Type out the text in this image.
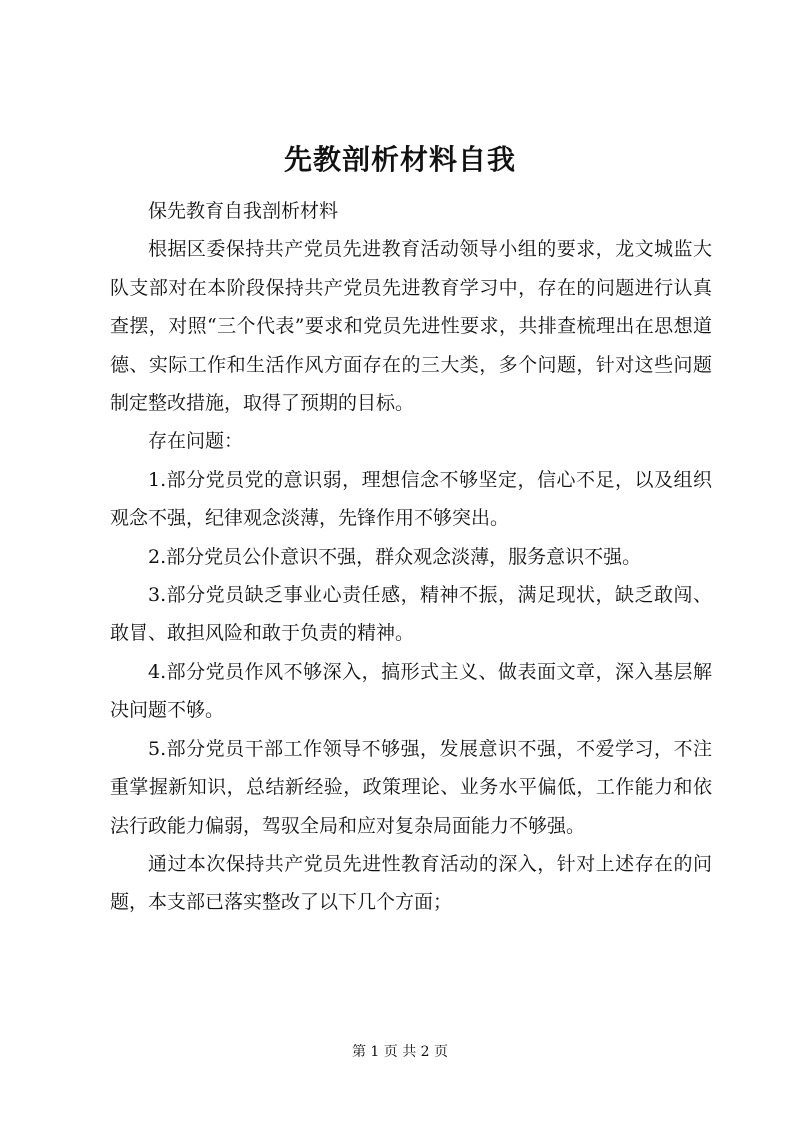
先教剖析材料自我

保先教育自我剖析材料

根据区委保持共产党员先进教育活动领导小组的要求，龙文城监大队支部对在本阶段保持共产党员先进教育学习中，存在的问题进行认真查摆，对照“三个代表”要求和党员先进性要求，共排查梳理出在思想道德、实际工作和生活作风方面存在的三大类，多个问题，针对这些问题制定整改措施，取得了预期的目标。

存在问题：

1.部分党员党的意识弱，理想信念不够坚定，信心不足，以及组织观念不强，纪律观念淡薄，先锋作用不够突出。

2.部分党员公仆意识不强，群众观念淡薄，服务意识不强。

3.部分党员缺乏事业心责任感，精神不振，满足现状，缺乏敢闯、敢冒、敢担风险和敢于负责的精神。

4.部分党员作风不够深入，搞形式主义、做表面文章，深入基层解决问题不够。

5.部分党员干部工作领导不够强，发展意识不强，不爱学习，不注重掌握新知识，总结新经验，政策理论、业务水平偏低，工作能力和依法行政能力偏弱，驾驭全局和应对复杂局面能力不够强。

通过本次保持共产党员先进性教育活动的深入，针对上述存在的问题，本支部已落实整改了以下几个方面；

第 1 页 共 2 页
